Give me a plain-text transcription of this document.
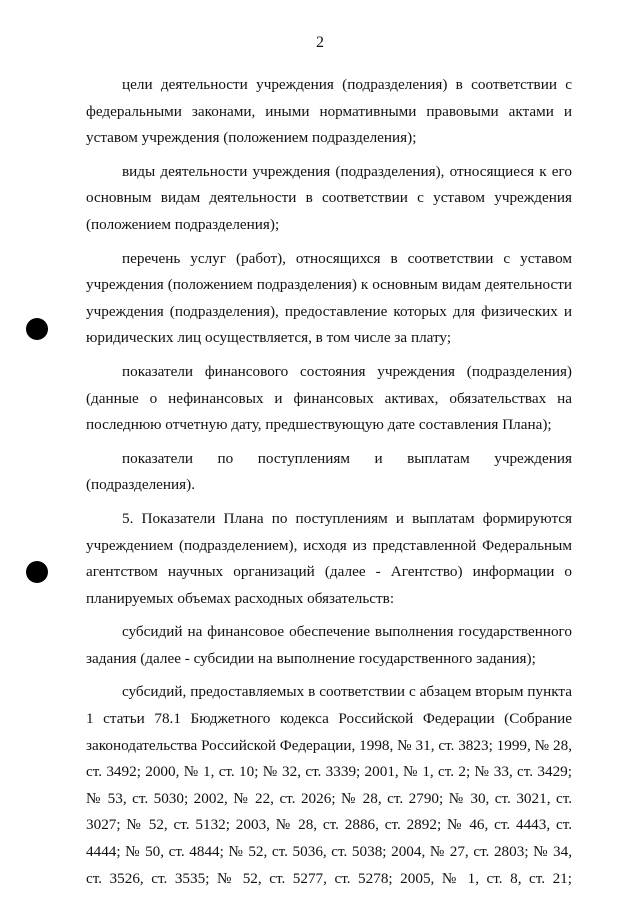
2

цели деятельности учреждения (подразделения) в соответствии с федеральными законами, иными нормативными правовыми актами и уставом учреждения (положением подразделения);

виды деятельности учреждения (подразделения), относящиеся к его основным видам деятельности в соответствии с уставом учреждения (положением подразделения);

перечень услуг (работ), относящихся в соответствии с уставом учреждения (положением подразделения) к основным видам деятельности учреждения (подразделения), предоставление которых для физических и юридических лиц осуществляется, в том числе за плату;

показатели финансового состояния учреждения (подразделения) (данные о нефинансовых и финансовых активах, обязательствах на последнюю отчетную дату, предшествующую дате составления Плана);

показатели по поступлениям и выплатам учреждения (подразделения).

5. Показатели Плана по поступлениям и выплатам формируются учреждением (подразделением), исходя из представленной Федеральным агентством научных организаций (далее - Агентство) информации о планируемых объемах расходных обязательств:

субсидий на финансовое обеспечение выполнения государственного задания (далее - субсидии на выполнение государственного задания);

субсидий, предоставляемых в соответствии с абзацем вторым пункта 1 статьи 78.1 Бюджетного кодекса Российской Федерации (Собрание законодательства Российской Федерации, 1998, № 31, ст. 3823; 1999, № 28, ст. 3492; 2000, № 1, ст. 10; № 32, ст. 3339; 2001, № 1, ст. 2; № 33, ст. 3429; № 53, ст. 5030; 2002, № 22, ст. 2026; № 28, ст. 2790; № 30, ст. 3021, ст. 3027; № 52, ст. 5132; 2003, № 28, ст. 2886, ст. 2892; № 46, ст. 4443, ст. 4444; № 50, ст. 4844; № 52, ст. 5036, ст. 5038; 2004, № 27, ст. 2803; № 34, ст. 3526, ст. 3535; № 52, ст. 5277, ст. 5278; 2005, № 1, ст. 8, ст. 21;
